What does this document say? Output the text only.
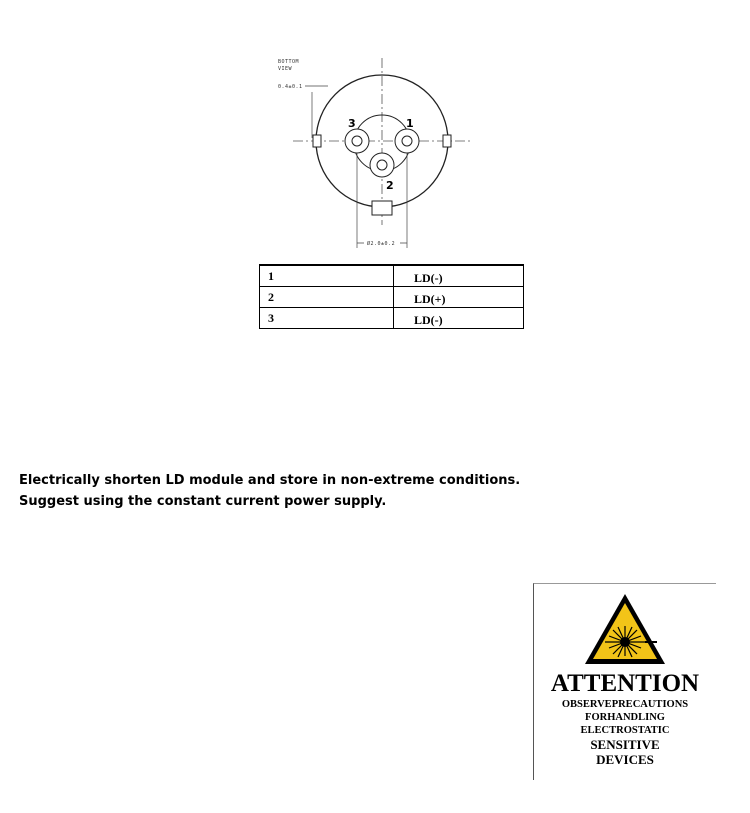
BOTTOM
VIEW
0.4±0.1
3	1
2
Ø2.0±0.2
1	LD(-)
2	LD(+)
3	LD(-)
Electrically shorten LD module and store in non-extreme conditions.
Suggest using the constant current power supply.
ATTENTION
OBSERVEPRECAUTIONS
FORHANDLING
ELECTROSTATIC
SENSITIVE
DEVICES
